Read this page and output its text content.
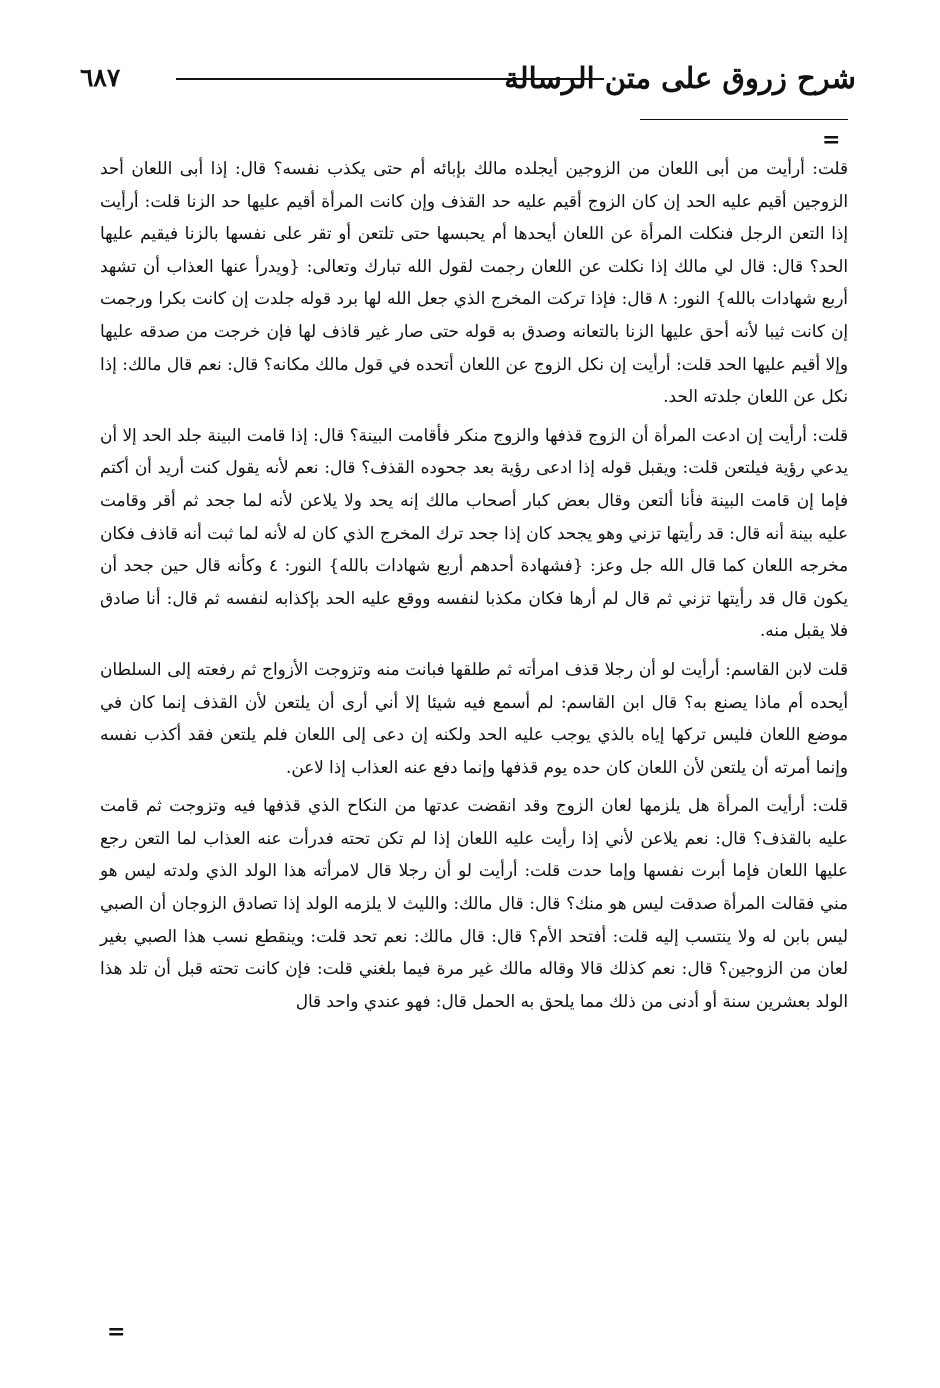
شرح زروق على متن الرسالة
٦٨٧
=

قلت: أرأيت من أبى اللعان من الزوجين أيجلده مالك بإبائه أم حتى يكذب نفسه؟ قال: إذا أبى اللعان أحد الزوجين أقيم عليه الحد إن كان الزوج أقيم عليه حد القذف وإن كانت المرأة أقيم عليها حد الزنا قلت: أرأيت إذا التعن الرجل فنكلت المرأة عن اللعان أيحدها أم يحبسها حتى تلتعن أو تقر على نفسها بالزنا فيقيم عليها الحد؟ قال: قال لي مالك إذا نكلت عن اللعان رجمت لقول الله تبارك وتعالى: {ويدرأ عنها العذاب أن تشهد أربع شهادات بالله} النور: ٨ قال: فإذا تركت المخرج الذي جعل الله لها برد قوله جلدت إن كانت بكرا ورجمت إن كانت ثيبا لأنه أحق عليها الزنا بالتعانه وصدق به قوله حتى صار غير قاذف لها فإن خرجت من صدقه عليها وإلا أقيم عليها الحد قلت: أرأيت إن نكل الزوج عن اللعان أتحده في قول مالك مكانه؟ قال: نعم قال مالك: إذا نكل عن اللعان جلدته الحد.

قلت: أرأيت إن ادعت المرأة أن الزوج قذفها والزوج منكر فأقامت البينة؟ قال: إذا قامت البينة جلد الحد إلا أن يدعي رؤية فيلتعن قلت: ويقبل قوله إذا ادعى رؤية بعد جحوده القذف؟ قال: نعم لأنه يقول كنت أريد أن أكتم فإما إن قامت البينة فأنا ألتعن وقال بعض كبار أصحاب مالك إنه يحد ولا يلاعن لأنه لما جحد ثم أقر وقامت عليه بينة أنه قال: قد رأيتها تزني وهو يجحد كان إذا جحد ترك المخرج الذي كان له لأنه لما ثبت أنه قاذف فكان مخرجه اللعان كما قال الله جل وعز: {فشهادة أحدهم أربع شهادات بالله} النور: ٤ وكأنه قال حين جحد أن يكون قال قد رأيتها تزني ثم قال لم أرها فكان مكذبا لنفسه ووقع عليه الحد بإكذابه لنفسه ثم قال: أنا صادق فلا يقبل منه.

قلت لابن القاسم: أرأيت لو أن رجلا قذف امرأته ثم طلقها فبانت منه وتزوجت الأزواج ثم رفعته إلى السلطان أيحده أم ماذا يصنع به؟ قال ابن القاسم: لم أسمع فيه شيئا إلا أني أرى أن يلتعن لأن القذف إنما كان في موضع اللعان فليس تركها إياه بالذي يوجب عليه الحد ولكنه إن دعى إلى اللعان فلم يلتعن فقد أكذب نفسه وإنما أمرته أن يلتعن لأن اللعان كان حده يوم قذفها وإنما دفع عنه العذاب إذا لاعن.

قلت: أرأيت المرأة هل يلزمها لعان الزوج وقد انقضت عدتها من النكاح الذي قذفها فيه وتزوجت ثم قامت عليه بالقذف؟ قال: نعم يلاعن لأني إذا رأيت عليه اللعان إذا لم تكن تحته فدرأت عنه العذاب لما التعن رجع عليها اللعان فإما أبرت نفسها وإما حدت قلت: أرأيت لو أن رجلا قال لامرأته هذا الولد الذي ولدته ليس هو مني فقالت المرأة صدقت ليس هو منك؟ قال: قال مالك: والليث لا يلزمه الولد إذا تصادق الزوجان أن الصبي ليس بابن له ولا ينتسب إليه قلت: أفتحد الأم؟ قال: قال مالك: نعم تحد قلت: وينقطع نسب هذا الصبي بغير لعان من الزوجين؟ قال: نعم كذلك قالا وقاله مالك غير مرة فيما بلغني قلت: فإن كانت تحته قبل أن تلد هذا الولد بعشرين سنة أو أدنى من ذلك مما يلحق به الحمل قال: فهو عندي واحد قال

=
